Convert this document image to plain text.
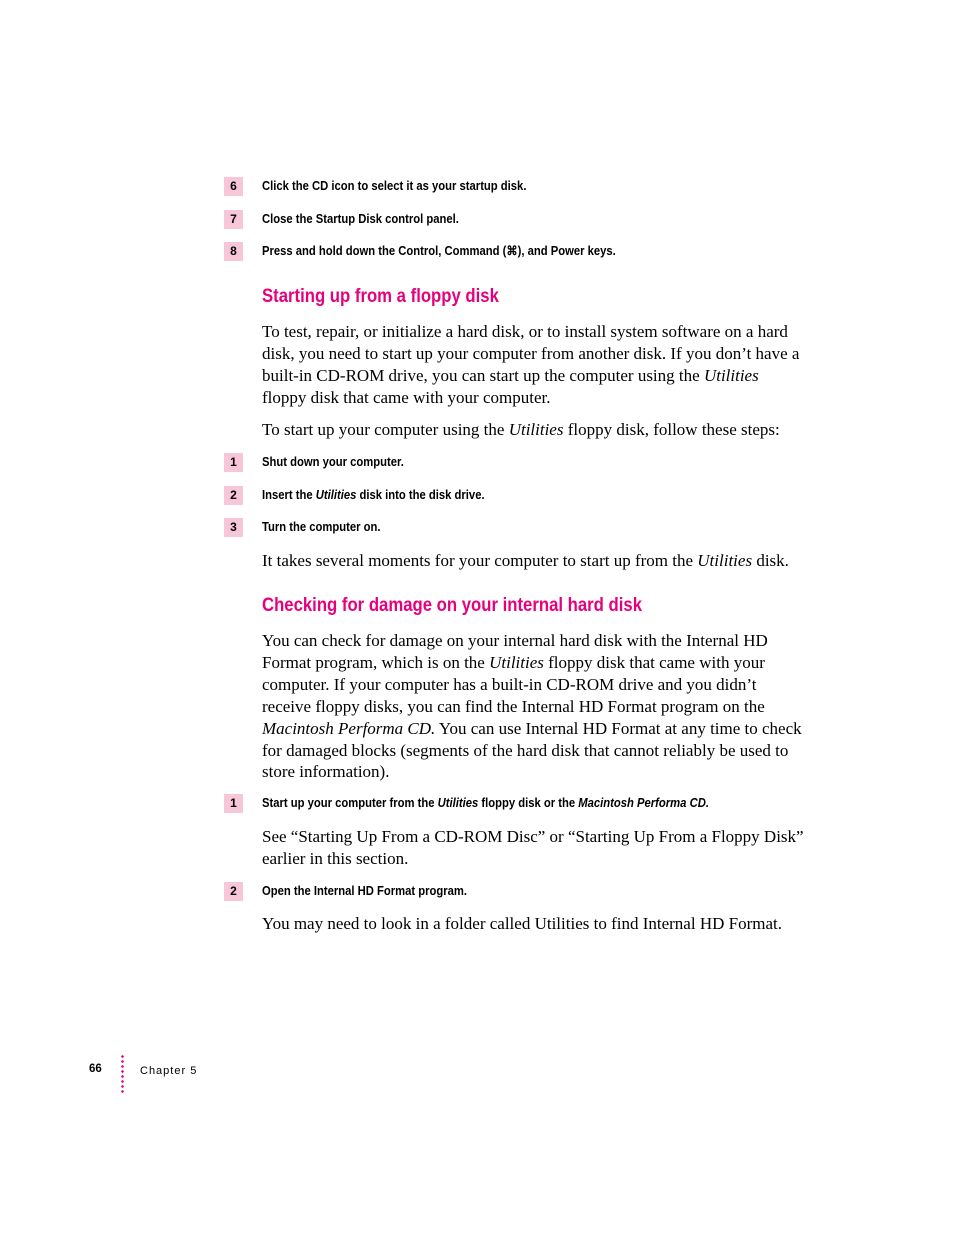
6	Click the CD icon to select it as your startup disk.
7	Close the Startup Disk control panel.
8	Press and hold down the Control, Command (⌘), and Power keys.
Starting up from a floppy disk

To test, repair, or initialize a hard disk, or to install system software on a hard disk, you need to start up your computer from another disk. If you don’t have a built-in CD-ROM drive, you can start up the computer using the Utilities floppy disk that came with your computer.

To start up your computer using the Utilities floppy disk, follow these steps:

1	Shut down your computer.
2	Insert the Utilities disk into the disk drive.
3	Turn the computer on.

It takes several moments for your computer to start up from the Utilities disk.

Checking for damage on your internal hard disk

You can check for damage on your internal hard disk with the Internal HD Format program, which is on the Utilities floppy disk that came with your computer. If your computer has a built-in CD-ROM drive and you didn’t receive floppy disks, you can find the Internal HD Format program on the Macintosh Performa CD. You can use Internal HD Format at any time to check for damaged blocks (segments of the hard disk that cannot reliably be used to store information).

1	Start up your computer from the Utilities floppy disk or the Macintosh Performa CD.

See “Starting Up From a CD-ROM Disc” or “Starting Up From a Floppy Disk” earlier in this section.

2	Open the Internal HD Format program.

You may need to look in a folder called Utilities to find Internal HD Format.

66	Chapter 5
